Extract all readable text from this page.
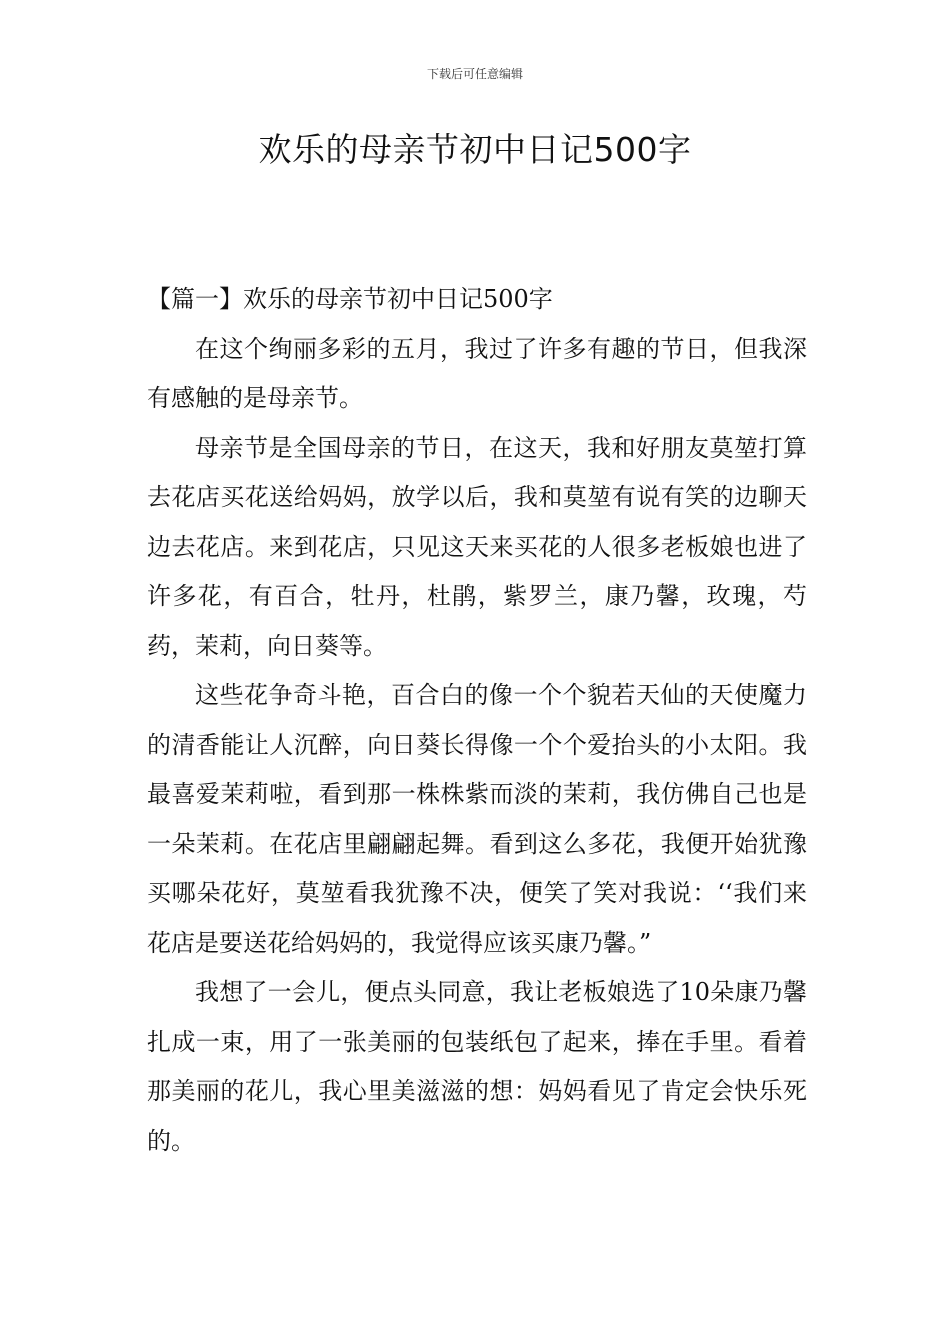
下载后可任意编辑
欢乐的母亲节初中日记500字

【篇一】欢乐的母亲节初中日记500字

在这个绚丽多彩的五月，我过了许多有趣的节日，但我深有感触的是母亲节。

母亲节是全国母亲的节日，在这天，我和好朋友莫堃打算去花店买花送给妈妈，放学以后，我和莫堃有说有笑的边聊天边去花店。来到花店，只见这天来买花的人很多老板娘也进了许多花，有百合，牡丹，杜鹃，紫罗兰，康乃馨，玫瑰，芍药，茉莉，向日葵等。

这些花争奇斗艳，百合白的像一个个貌若天仙的天使魔力的清香能让人沉醉，向日葵长得像一个个爱抬头的小太阳。我最喜爱茉莉啦，看到那一株株紫而淡的茉莉，我仿佛自己也是一朵茉莉。在花店里翩翩起舞。看到这么多花，我便开始犹豫买哪朵花好，莫堃看我犹豫不决，便笑了笑对我说：‘‘我们来花店是要送花给妈妈的，我觉得应该买康乃馨。”

我想了一会儿，便点头同意，我让老板娘选了10朵康乃馨扎成一束，用了一张美丽的包装纸包了起来，捧在手里。看着那美丽的花儿，我心里美滋滋的想：妈妈看见了肯定会快乐死的。
